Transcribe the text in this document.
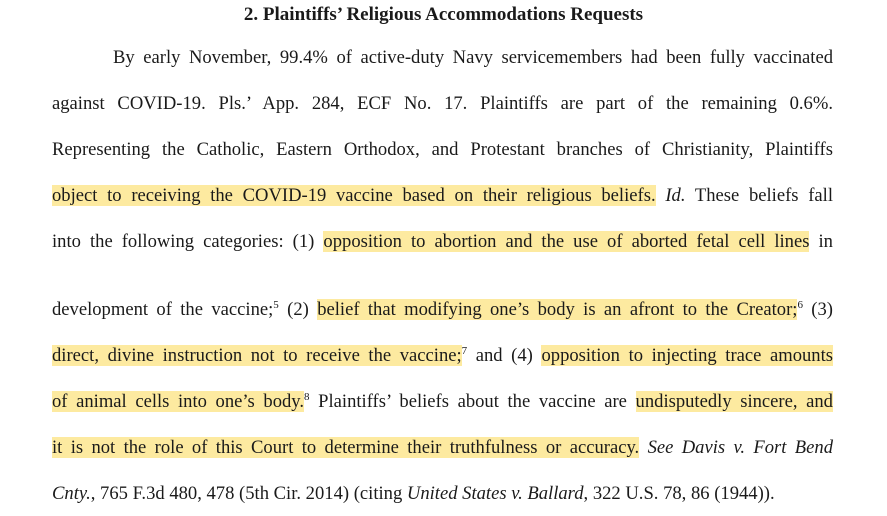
2. Plaintiffs’ Religious Accommodations Requests
By early November, 99.4% of active-duty Navy servicemembers had been fully vaccinated
against COVID-19. Pls.’ App. 284, ECF No. 17. Plaintiffs are part of the remaining 0.6%.
Representing the Catholic, Eastern Orthodox, and Protestant branches of Christianity, Plaintiffs
object to receiving the COVID-19 vaccine based on their religious beliefs. Id. These beliefs fall
into the following categories: (1) opposition to abortion and the use of aborted fetal cell lines in
development of the vaccine;$^5$ (2) belief that modifying one’s body is an afront to the Creator;$^6$ (3)
direct, divine instruction not to receive the vaccine;$^7$ and (4) opposition to injecting trace amounts
of animal cells into one’s body.$^8$ Plaintiffs’ beliefs about the vaccine are undisputedly sincere, and
it is not the role of this Court to determine their truthfulness or accuracy. See Davis v. Fort Bend
Cnty., 765 F.3d 480, 478 (5th Cir. 2014) (citing United States v. Ballard, 322 U.S. 78, 86 (1944)).
